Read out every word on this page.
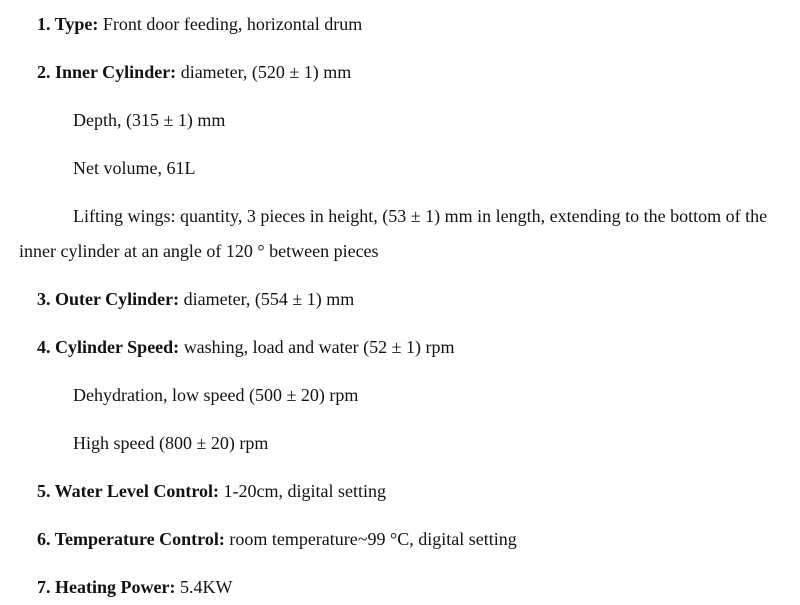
1. Type: Front door feeding, horizontal drum
2. Inner Cylinder: diameter, (520 ± 1) mm
Depth, (315 ± 1) mm
Net volume, 61L
Lifting wings: quantity, 3 pieces in height, (53 ± 1) mm in length, extending to the bottom of the
inner cylinder at an angle of 120 ° between pieces
3. Outer Cylinder: diameter, (554 ± 1) mm
4. Cylinder Speed: washing, load and water (52 ± 1) rpm
Dehydration, low speed (500 ± 20) rpm
High speed (800 ± 20) rpm
5. Water Level Control: 1-20cm, digital setting
6. Temperature Control: room temperature~99 °C, digital setting
7. Heating Power: 5.4KW
